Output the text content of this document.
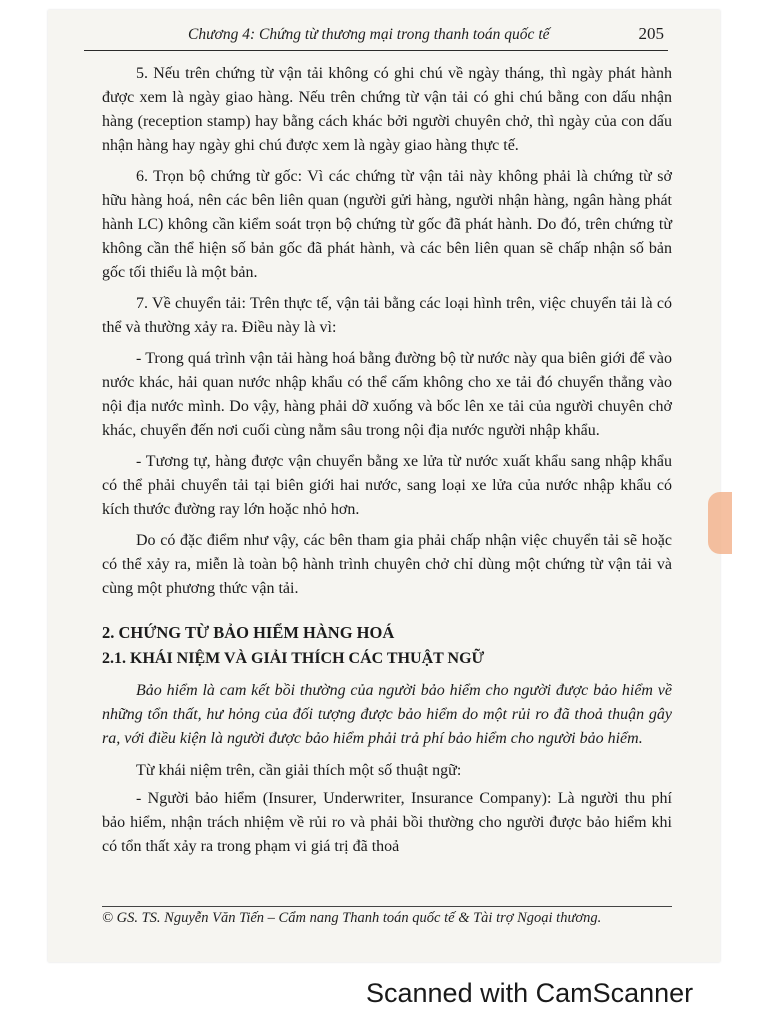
Chương 4: Chứng từ thương mại trong thanh toán quốc tế	205

5. Nếu trên chứng từ vận tải không có ghi chú về ngày tháng, thì ngày phát hành được xem là ngày giao hàng. Nếu trên chứng từ vận tải có ghi chú bằng con dấu nhận hàng (reception stamp) hay bằng cách khác bởi người chuyên chở, thì ngày của con dấu nhận hàng hay ngày ghi chú được xem là ngày giao hàng thực tế.

6. Trọn bộ chứng từ gốc: Vì các chứng từ vận tải này không phải là chứng từ sở hữu hàng hoá, nên các bên liên quan (người gửi hàng, người nhận hàng, ngân hàng phát hành LC) không cần kiểm soát trọn bộ chứng từ gốc đã phát hành. Do đó, trên chứng từ không cần thể hiện số bản gốc đã phát hành, và các bên liên quan sẽ chấp nhận số bản gốc tối thiểu là một bản.

7. Về chuyển tải: Trên thực tế, vận tải bằng các loại hình trên, việc chuyển tải là có thể và thường xảy ra. Điều này là vì:

- Trong quá trình vận tải hàng hoá bằng đường bộ từ nước này qua biên giới để vào nước khác, hải quan nước nhập khẩu có thể cấm không cho xe tải đó chuyển thẳng vào nội địa nước mình. Do vậy, hàng phải dỡ xuống và bốc lên xe tải của người chuyên chở khác, chuyển đến nơi cuối cùng nằm sâu trong nội địa nước người nhập khẩu.

- Tương tự, hàng được vận chuyển bằng xe lửa từ nước xuất khẩu sang nhập khẩu có thể phải chuyển tải tại biên giới hai nước, sang loại xe lửa của nước nhập khẩu có kích thước đường ray lớn hoặc nhỏ hơn.

Do có đặc điểm như vậy, các bên tham gia phải chấp nhận việc chuyển tải sẽ hoặc có thể xảy ra, miễn là toàn bộ hành trình chuyên chở chỉ dùng một chứng từ vận tải và cùng một phương thức vận tải.

2. CHỨNG TỪ BẢO HIỂM HÀNG HOÁ
2.1. KHÁI NIỆM VÀ GIẢI THÍCH CÁC THUẬT NGỮ

Bảo hiểm là cam kết bồi thường của người bảo hiểm cho người được bảo hiểm về những tổn thất, hư hỏng của đối tượng được bảo hiểm do một rủi ro đã thoả thuận gây ra, với điều kiện là người được bảo hiểm phải trả phí bảo hiểm cho người bảo hiểm.

Từ khái niệm trên, cần giải thích một số thuật ngữ:

- Người bảo hiểm (Insurer, Underwriter, Insurance Company): Là người thu phí bảo hiểm, nhận trách nhiệm về rủi ro và phải bồi thường cho người được bảo hiểm khi có tổn thất xảy ra trong phạm vi giá trị đã thoả

© GS. TS. Nguyễn Văn Tiến – Cẩm nang Thanh toán quốc tế & Tài trợ Ngoại thương.
Scanned with CamScanner
